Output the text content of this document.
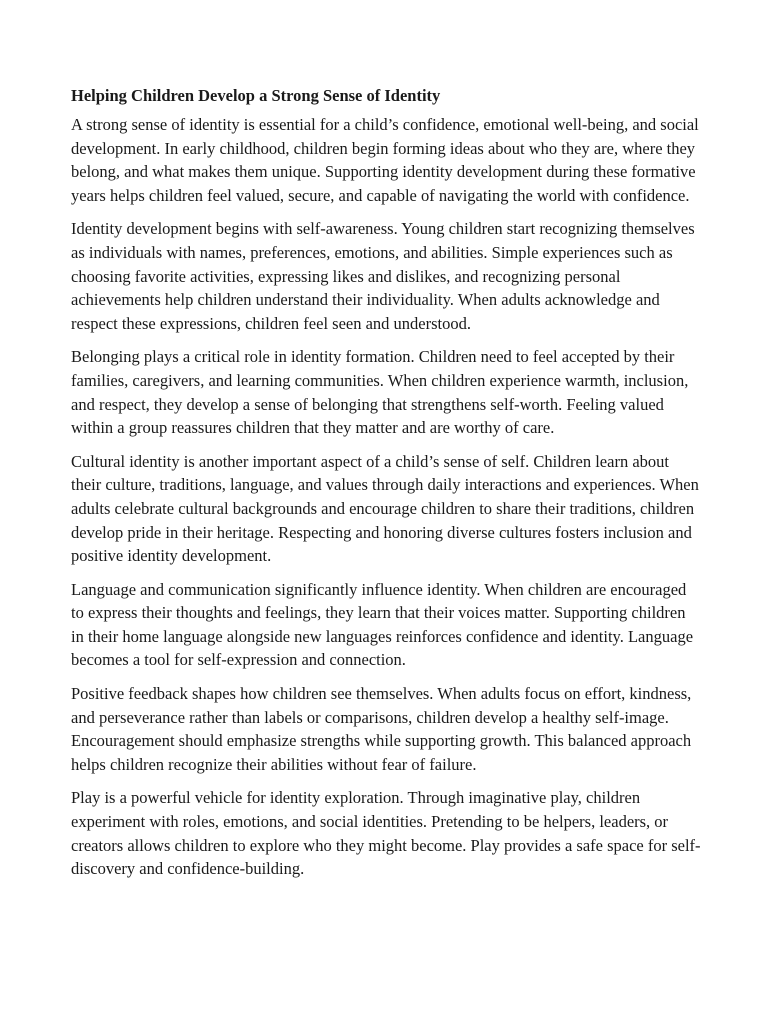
Helping Children Develop a Strong Sense of Identity

A strong sense of identity is essential for a child’s confidence, emotional well-being, and social development. In early childhood, children begin forming ideas about who they are, where they belong, and what makes them unique. Supporting identity development during these formative years helps children feel valued, secure, and capable of navigating the world with confidence.

Identity development begins with self-awareness. Young children start recognizing themselves as individuals with names, preferences, emotions, and abilities. Simple experiences such as choosing favorite activities, expressing likes and dislikes, and recognizing personal achievements help children understand their individuality. When adults acknowledge and respect these expressions, children feel seen and understood.

Belonging plays a critical role in identity formation. Children need to feel accepted by their families, caregivers, and learning communities. When children experience warmth, inclusion, and respect, they develop a sense of belonging that strengthens self-worth. Feeling valued within a group reassures children that they matter and are worthy of care.

Cultural identity is another important aspect of a child’s sense of self. Children learn about their culture, traditions, language, and values through daily interactions and experiences. When adults celebrate cultural backgrounds and encourage children to share their traditions, children develop pride in their heritage. Respecting and honoring diverse cultures fosters inclusion and positive identity development.

Language and communication significantly influence identity. When children are encouraged to express their thoughts and feelings, they learn that their voices matter. Supporting children in their home language alongside new languages reinforces confidence and identity. Language becomes a tool for self-expression and connection.

Positive feedback shapes how children see themselves. When adults focus on effort, kindness, and perseverance rather than labels or comparisons, children develop a healthy self-image. Encouragement should emphasize strengths while supporting growth. This balanced approach helps children recognize their abilities without fear of failure.

Play is a powerful vehicle for identity exploration. Through imaginative play, children experiment with roles, emotions, and social identities. Pretending to be helpers, leaders, or creators allows children to explore who they might become. Play provides a safe space for self-discovery and confidence-building.
